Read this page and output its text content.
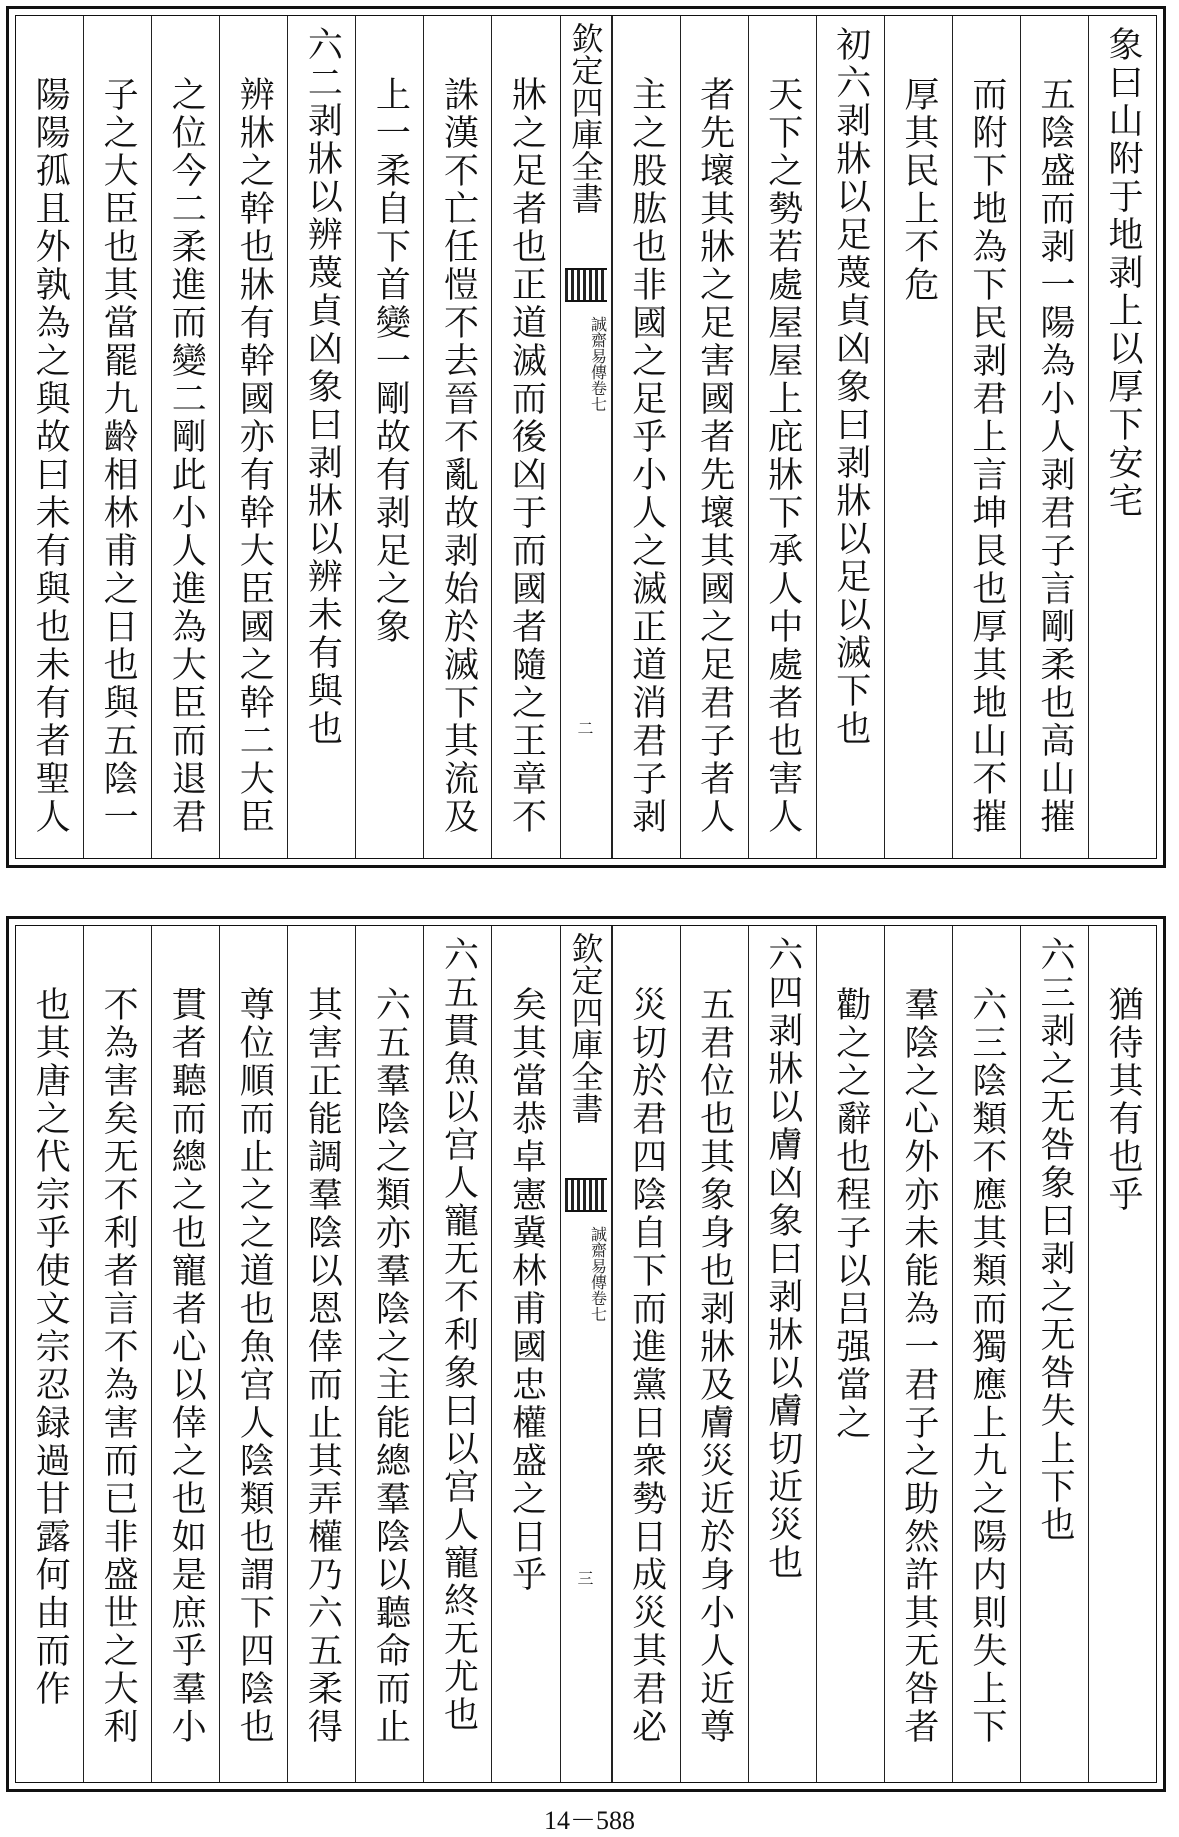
象曰山附于地剥上以厚下安宅
五陰盛而剥一陽為小人剥君子言剛柔也高山摧
而附下地為下民剥君上言坤艮也厚其地山不摧
厚其民上不危
初六剥牀以足蔑貞凶象曰剥牀以足以滅下也
天下之勢若處屋屋上庇牀下承人中處者也害人
者先壞其牀之足害國者先壞其國之足君子者人
主之股肱也非國之足乎小人之滅正道消君子剥
欽定四庫全書
誠齋易傳卷七
二
牀之足者也正道滅而後凶于而國者隨之王章不
誅漢不亡任愷不去晉不亂故剥始於滅下其流及
上一柔自下首變一剛故有剥足之象
六二剥牀以辨蔑貞凶象曰剥牀以辨未有與也
辨牀之幹也牀有幹國亦有幹大臣國之幹二大臣
之位今二柔進而變二剛此小人進為大臣而退君
子之大臣也其當罷九齡相林甫之日也與五陰一
陽陽孤且外孰為之與故曰未有與也未有者聖人
猶待其有也乎
六三剥之无咎象曰剥之无咎失上下也
六三陰類不應其類而獨應上九之陽内則失上下
羣陰之心外亦未能為一君子之助然許其无咎者
勸之之辭也程子以吕强當之
六四剥牀以膚凶象曰剥牀以膚切近災也
五君位也其象身也剥牀及膚災近於身小人近尊
災切於君四陰自下而進黨日衆勢日成災其君必
欽定四庫全書
誠齋易傳卷七
三
矣其當恭卓憲冀林甫國忠權盛之日乎
六五貫魚以宫人寵无不利象曰以宫人寵終无尤也
六五羣陰之類亦羣陰之主能總羣陰以聽命而止
其害正能調羣陰以恩倖而止其弄權乃六五柔得
尊位順而止之之道也魚宫人陰類也謂下四陰也
貫者聽而總之也寵者心以倖之也如是庶乎羣小
不為害矣无不利者言不為害而已非盛世之大利
也其唐之代宗乎使文宗忍録過甘露何由而作
14－588
